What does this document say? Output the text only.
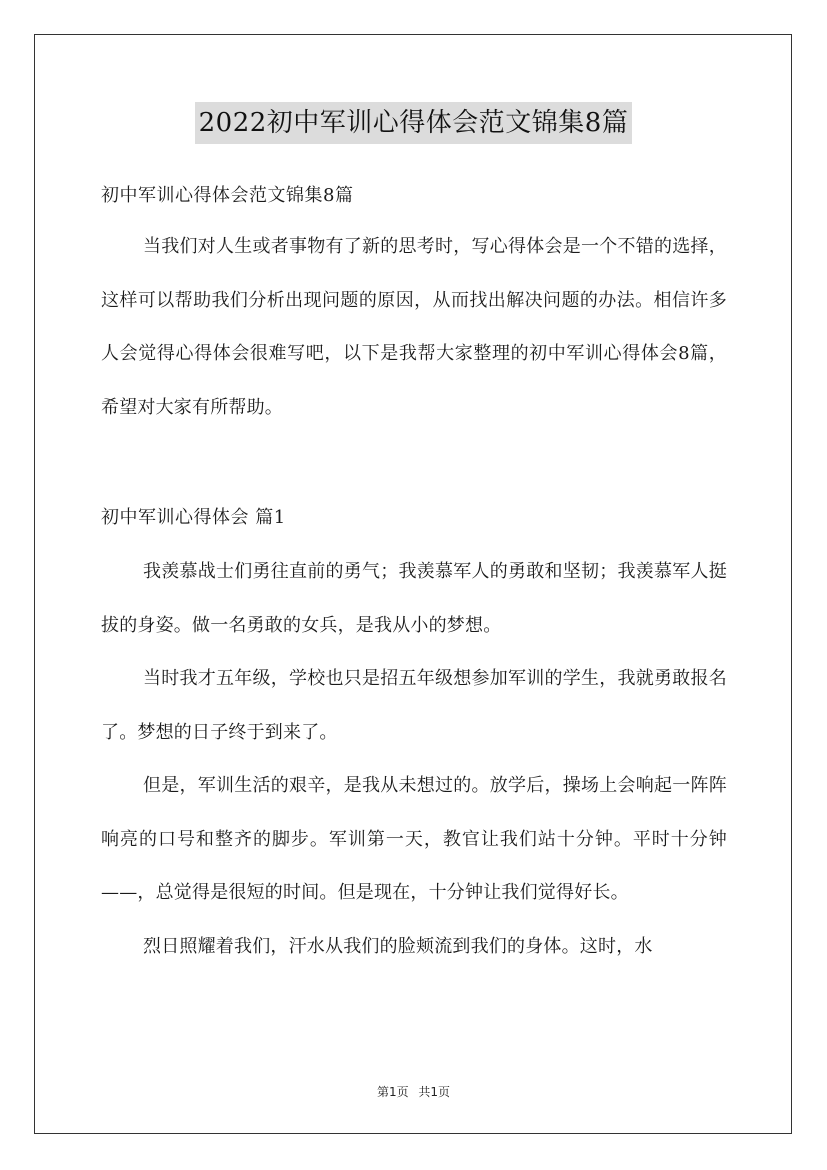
2022初中军训心得体会范文锦集8篇
初中军训心得体会范文锦集8篇

当我们对人生或者事物有了新的思考时，写心得体会是一个不错的选择，这样可以帮助我们分析出现问题的原因，从而找出解决问题的办法。相信许多人会觉得心得体会很难写吧，以下是我帮大家整理的初中军训心得体会8篇，希望对大家有所帮助。

初中军训心得体会 篇1

我羡慕战士们勇往直前的勇气；我羡慕军人的勇敢和坚韧；我羡慕军人挺拔的身姿。做一名勇敢的女兵，是我从小的梦想。

当时我才五年级，学校也只是招五年级想参加军训的学生，我就勇敢报名了。梦想的日子终于到来了。

但是，军训生活的艰辛，是我从未想过的。放学后，操场上会响起一阵阵响亮的口号和整齐的脚步。军训第一天，教官让我们站十分钟。平时十分钟——，总觉得是很短的时间。但是现在，十分钟让我们觉得好长。

烈日照耀着我们，汗水从我们的脸颊流到我们的身体。这时，水

第1页 共1页
